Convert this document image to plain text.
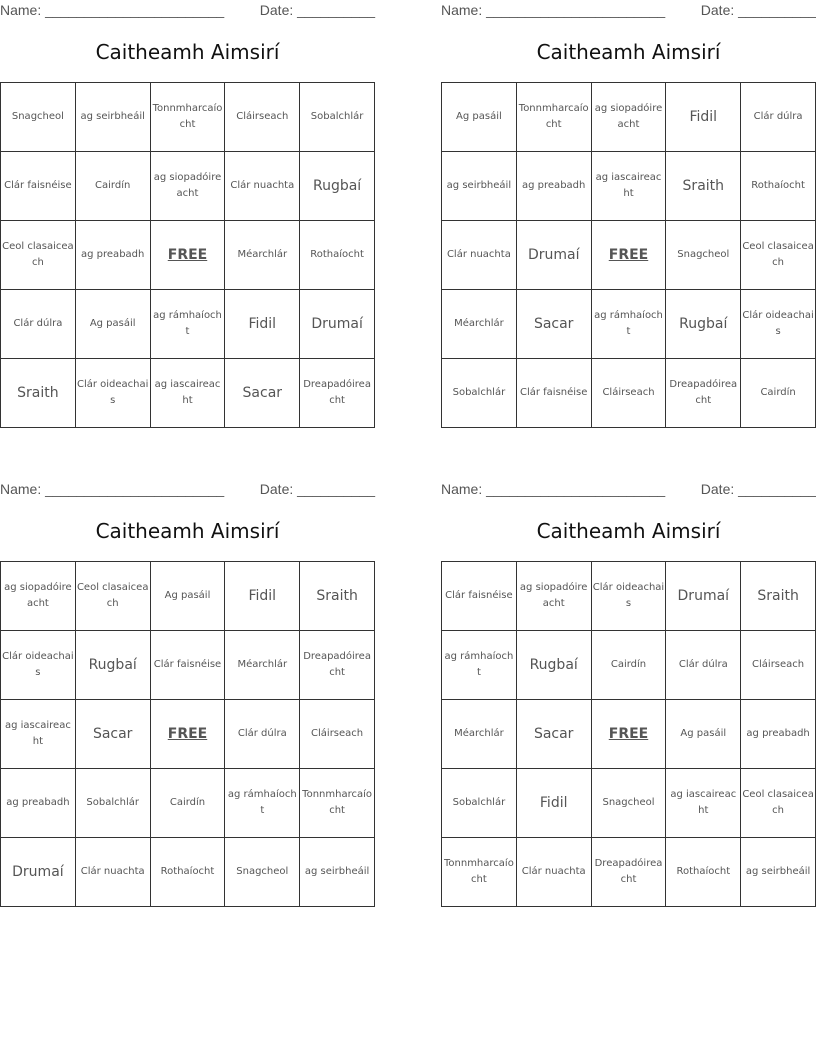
Name: _______________________	Date: __________
Caitheamh Aimsirí
Snagcheol	ag seirbheáil	Tonnmharcaíocht	Cláirseach	Sobalchlár
Clár faisnéise	Cairdín	ag siopadóireacht	Clár nuachta	Rugbaí
Ceol clasaiceach	ag preabadh	FREE	Méarchlár	Rothaíocht
Clár dúlra	Ag pasáil	ag rámhaíocht	Fidil	Drumaí
Sraith	Clár oideachais	ag iascaireacht	Sacar	Dreapadóireacht
Name: _______________________	Date: __________
Caitheamh Aimsirí
Ag pasáil	Tonnmharcaíocht	ag siopadóireacht	Fidil	Clár dúlra
ag seirbheáil	ag preabadh	ag iascaireacht	Sraith	Rothaíocht
Clár nuachta	Drumaí	FREE	Snagcheol	Ceol clasaiceach
Méarchlár	Sacar	ag rámhaíocht	Rugbaí	Clár oideachais
Sobalchlár	Clár faisnéise	Cláirseach	Dreapadóireacht	Cairdín
Name: _______________________	Date: __________
Caitheamh Aimsirí
ag siopadóireacht	Ceol clasaiceach	Ag pasáil	Fidil	Sraith
Clár oideachais	Rugbaí	Clár faisnéise	Méarchlár	Dreapadóireacht
ag iascaireacht	Sacar	FREE	Clár dúlra	Cláirseach
ag preabadh	Sobalchlár	Cairdín	ag rámhaíocht	Tonnmharcaíocht
Drumaí	Clár nuachta	Rothaíocht	Snagcheol	ag seirbheáil
Name: _______________________	Date: __________
Caitheamh Aimsirí
Clár faisnéise	ag siopadóireacht	Clár oideachais	Drumaí	Sraith
ag rámhaíocht	Rugbaí	Cairdín	Clár dúlra	Cláirseach
Méarchlár	Sacar	FREE	Ag pasáil	ag preabadh
Sobalchlár	Fidil	Snagcheol	ag iascaireacht	Ceol clasaiceach
Tonnmharcaíocht	Clár nuachta	Dreapadóireacht	Rothaíocht	ag seirbheáil
